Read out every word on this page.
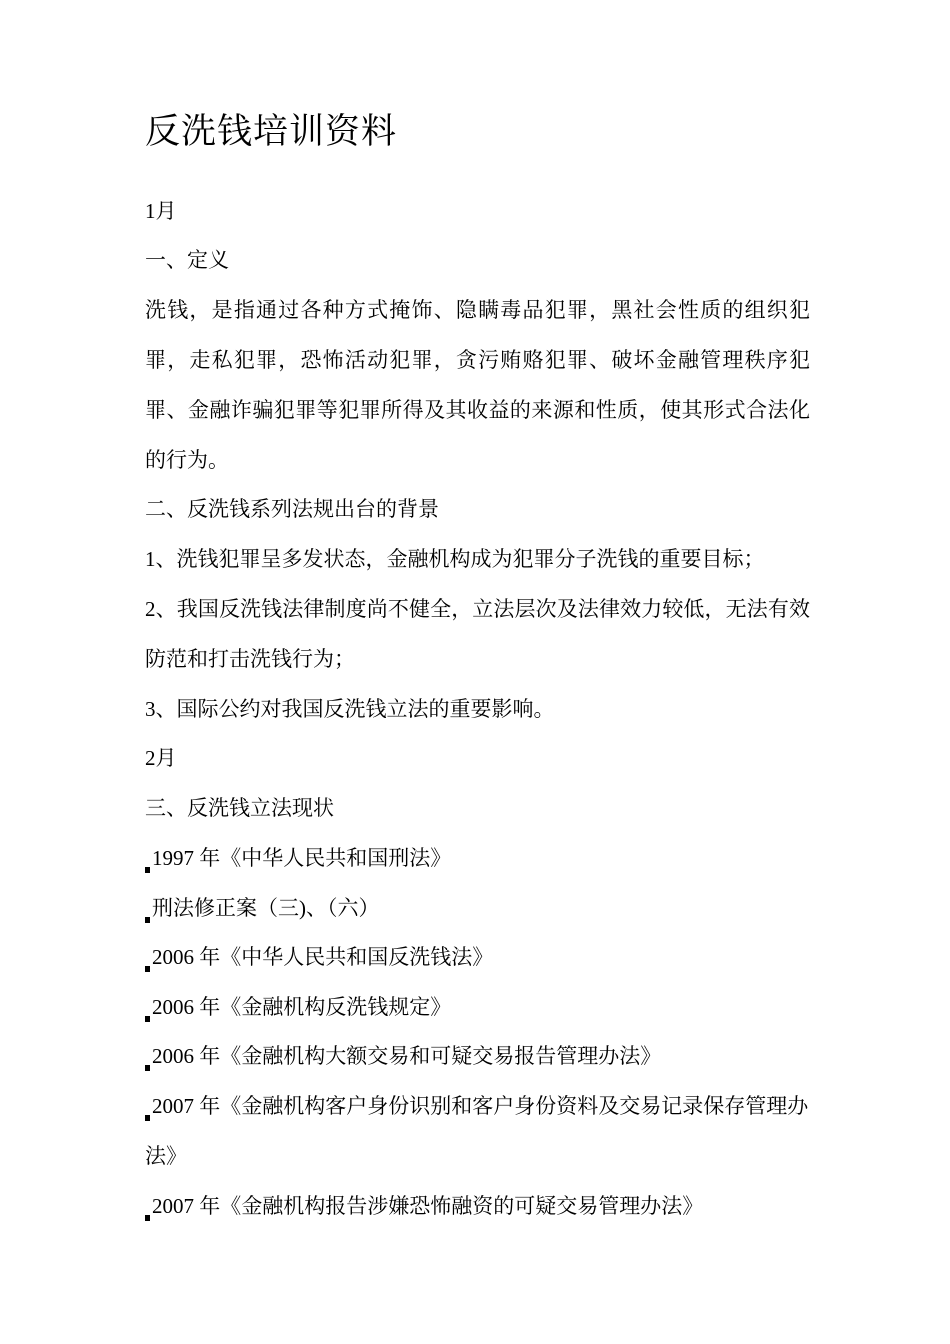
反洗钱培训资料
1月
一、定义
洗钱，是指通过各种方式掩饰、隐瞒毒品犯罪，黑社会性质的组织犯罪，走私犯罪，恐怖活动犯罪，贪污贿赂犯罪、破坏金融管理秩序犯罪、金融诈骗犯罪等犯罪所得及其收益的来源和性质，使其形式合法化的行为。
二、反洗钱系列法规出台的背景
1、洗钱犯罪呈多发状态，金融机构成为犯罪分子洗钱的重要目标；
2、我国反洗钱法律制度尚不健全，立法层次及法律效力较低，无法有效防范和打击洗钱行为；
3、国际公约对我国反洗钱立法的重要影响。
2月
三、反洗钱立法现状
1997 年《中华人民共和国刑法》
刑法修正案（三)、（六）
2006 年《中华人民共和国反洗钱法》
2006 年《金融机构反洗钱规定》
2006 年《金融机构大额交易和可疑交易报告管理办法》
2007 年《金融机构客户身份识别和客户身份资料及交易记录保存管理办法》
2007 年《金融机构报告涉嫌恐怖融资的可疑交易管理办法》
